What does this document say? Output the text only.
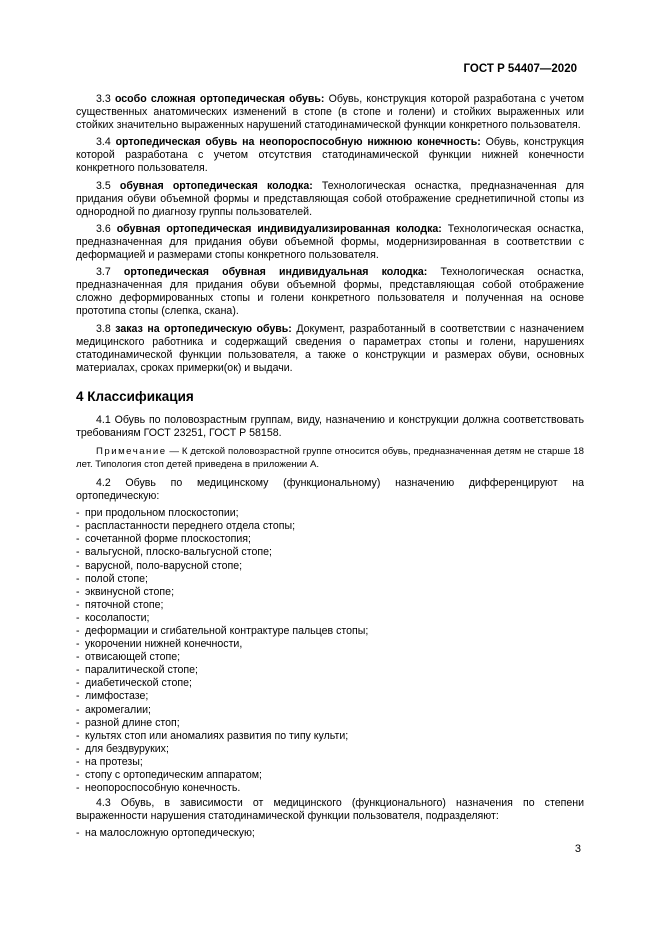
ГОСТ Р 54407—2020

3.3 особо сложная ортопедическая обувь: Обувь, конструкция которой разработана с учетом существенных анатомических изменений в стопе (в стопе и голени) и стойких выраженных или стойких значительно выраженных нарушений статодинамической функции конкретного пользователя.

3.4 ортопедическая обувь на неопороспособную нижнюю конечность: Обувь, конструкция которой разработана с учетом отсутствия статодинамической функции нижней конечности конкретного пользователя.

3.5 обувная ортопедическая колодка: Технологическая оснастка, предназначенная для придания обуви объемной формы и представляющая собой отображение среднетипичной стопы из однородной по диагнозу группы пользователей.

3.6 обувная ортопедическая индивидуализированная колодка: Технологическая оснастка, предназначенная для придания обуви объемной формы, модернизированная в соответствии с деформацией и размерами стопы конкретного пользователя.

3.7 ортопедическая обувная индивидуальная колодка: Технологическая оснастка, предназначенная для придания обуви объемной формы, представляющая собой отображение сложно деформированных стопы и голени конкретного пользователя и полученная на основе прототипа стопы (слепка, скана).

3.8 заказ на ортопедическую обувь: Документ, разработанный в соответствии с назначением медицинского работника и содержащий сведения о параметрах стопы и голени, нарушениях статодинамической функции пользователя, а также о конструкции и размерах обуви, основных материалах, сроках примерки(ок) и выдачи.

4 Классификация

4.1 Обувь по половозрастным группам, виду, назначению и конструкции должна соответствовать требованиям ГОСТ 23251, ГОСТ Р 58158.

Примечание — К детской половозрастной группе относится обувь, предназначенная детям не старше 18 лет. Типология стоп детей приведена в приложении А.

4.2 Обувь по медицинскому (функциональному) назначению дифференцируют на ортопедическую:

- при продольном плоскостопии;
- распластанности переднего отдела стопы;
- сочетанной форме плоскостопия;
- вальгусной, плоско-вальгусной стопе;
- варусной, поло-варусной стопе;
- полой стопе;
- эквинусной стопе;
- пяточной стопе;
- косолапости;
- деформации и сгибательной контрактуре пальцев стопы;
- укорочении нижней конечности,
- отвисающей стопе;
- паралитической стопе;
- диабетической стопе;
- лимфостазе;
- акромегалии;
- разной длине стоп;
- культях стоп или аномалиях развития по типу культи;
- для бездвуруких;
- на протезы;
- стопу с ортопедическим аппаратом;
- неопороспособную конечность.

4.3 Обувь, в зависимости от медицинского (функционального) назначения по степени выраженности нарушения статодинамической функции пользователя, подразделяют:

- на малосложную ортопедическую;
3
